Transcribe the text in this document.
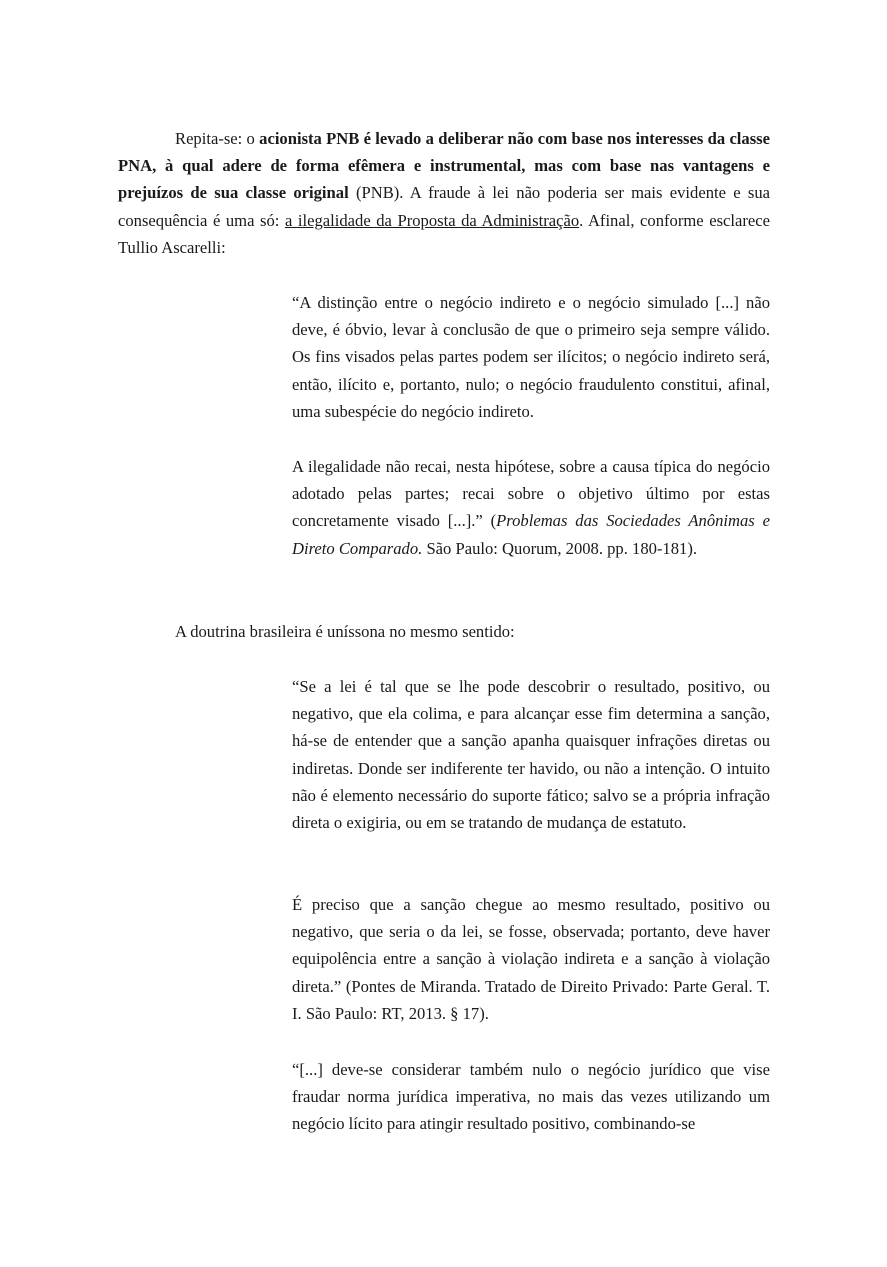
Repita-se: o acionista PNB é levado a deliberar não com base nos interesses da classe PNA, à qual adere de forma efêmera e instrumental, mas com base nas vantagens e prejuízos de sua classe original (PNB). A fraude à lei não poderia ser mais evidente e sua consequência é uma só: a ilegalidade da Proposta da Administração. Afinal, conforme esclarece Tullio Ascarelli:

“A distinção entre o negócio indireto e o negócio simulado [...] não deve, é óbvio, levar à conclusão de que o primeiro seja sempre válido. Os fins visados pelas partes podem ser ilícitos; o negócio indireto será, então, ilícito e, portanto, nulo; o negócio fraudulento constitui, afinal, uma subespécie do negócio indireto.

A ilegalidade não recai, nesta hipótese, sobre a causa típica do negócio adotado pelas partes; recai sobre o objetivo último por estas concretamente visado [...].” (Problemas das Sociedades Anônimas e Direto Comparado. São Paulo: Quorum, 2008. pp. 180-181).

A doutrina brasileira é uníssona no mesmo sentido:

“Se a lei é tal que se lhe pode descobrir o resultado, positivo, ou negativo, que ela colima, e para alcançar esse fim determina a sanção, há-se de entender que a sanção apanha quaisquer infrações diretas ou indiretas. Donde ser indiferente ter havido, ou não a intenção. O intuito não é elemento necessário do suporte fático; salvo se a própria infração direta o exigiria, ou em se tratando de mudança de estatuto.

É preciso que a sanção chegue ao mesmo resultado, positivo ou negativo, que seria o da lei, se fosse, observada; portanto, deve haver equipolência entre a sanção à violação indireta e a sanção à violação direta.” (Pontes de Miranda. Tratado de Direito Privado: Parte Geral. T. I. São Paulo: RT, 2013. § 17).

“[...] deve-se considerar também nulo o negócio jurídico que vise fraudar norma jurídica imperativa, no mais das vezes utilizando um negócio lícito para atingir resultado positivo, combinando-se
